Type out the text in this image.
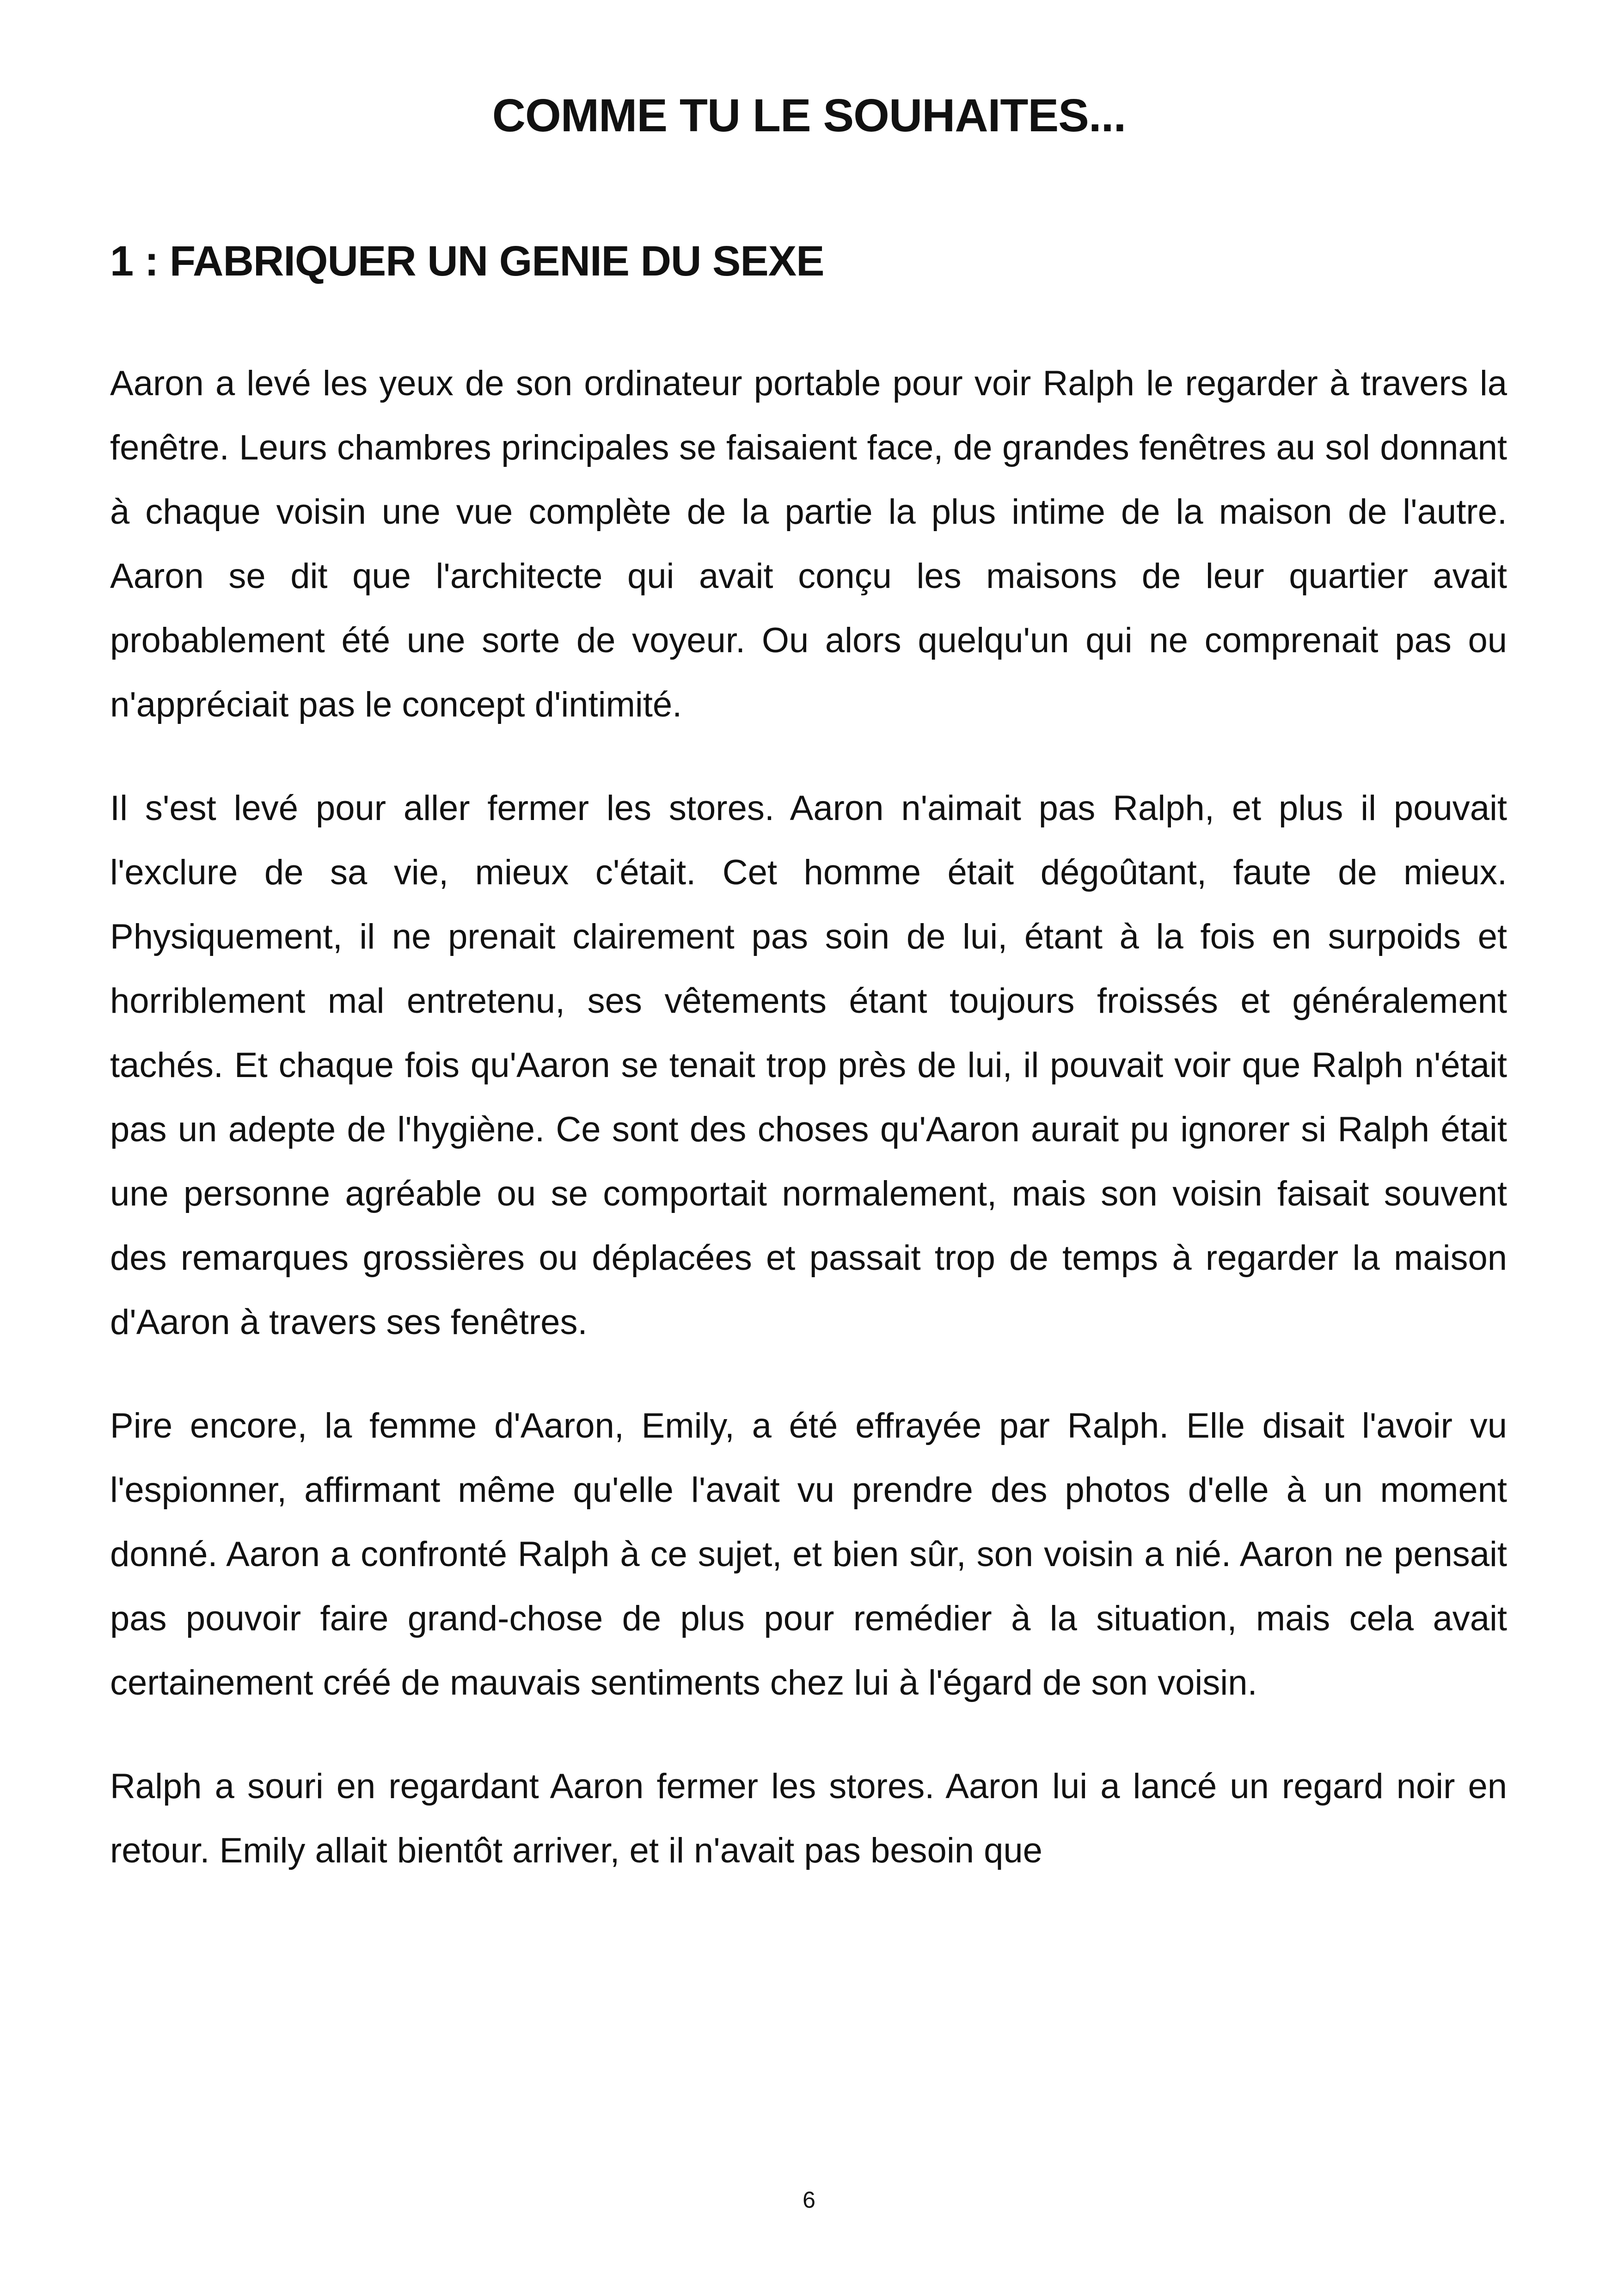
COMME TU LE SOUHAITES...
1 : FABRIQUER UN GENIE DU SEXE

Aaron a levé les yeux de son ordinateur portable pour voir Ralph le regarder à travers la fenêtre. Leurs chambres principales se faisaient face, de grandes fenêtres au sol donnant à chaque voisin une vue complète de la partie la plus intime de la maison de l'autre. Aaron se dit que l'architecte qui avait conçu les maisons de leur quartier avait probablement été une sorte de voyeur. Ou alors quelqu'un qui ne comprenait pas ou n'appréciait pas le concept d'intimité.

Il s'est levé pour aller fermer les stores. Aaron n'aimait pas Ralph, et plus il pouvait l'exclure de sa vie, mieux c'était. Cet homme était dégoûtant, faute de mieux. Physiquement, il ne prenait clairement pas soin de lui, étant à la fois en surpoids et horriblement mal entretenu, ses vêtements étant toujours froissés et généralement tachés. Et chaque fois qu'Aaron se tenait trop près de lui, il pouvait voir que Ralph n'était pas un adepte de l'hygiène. Ce sont des choses qu'Aaron aurait pu ignorer si Ralph était une personne agréable ou se comportait normalement, mais son voisin faisait souvent des remarques grossières ou déplacées et passait trop de temps à regarder la maison d'Aaron à travers ses fenêtres.

Pire encore, la femme d'Aaron, Emily, a été effrayée par Ralph. Elle disait l'avoir vu l'espionner, affirmant même qu'elle l'avait vu prendre des photos d'elle à un moment donné. Aaron a confronté Ralph à ce sujet, et bien sûr, son voisin a nié. Aaron ne pensait pas pouvoir faire grand-chose de plus pour remédier à la situation, mais cela avait certainement créé de mauvais sentiments chez lui à l'égard de son voisin.

Ralph a souri en regardant Aaron fermer les stores. Aaron lui a lancé un regard noir en retour. Emily allait bientôt arriver, et il n'avait pas besoin que

6
